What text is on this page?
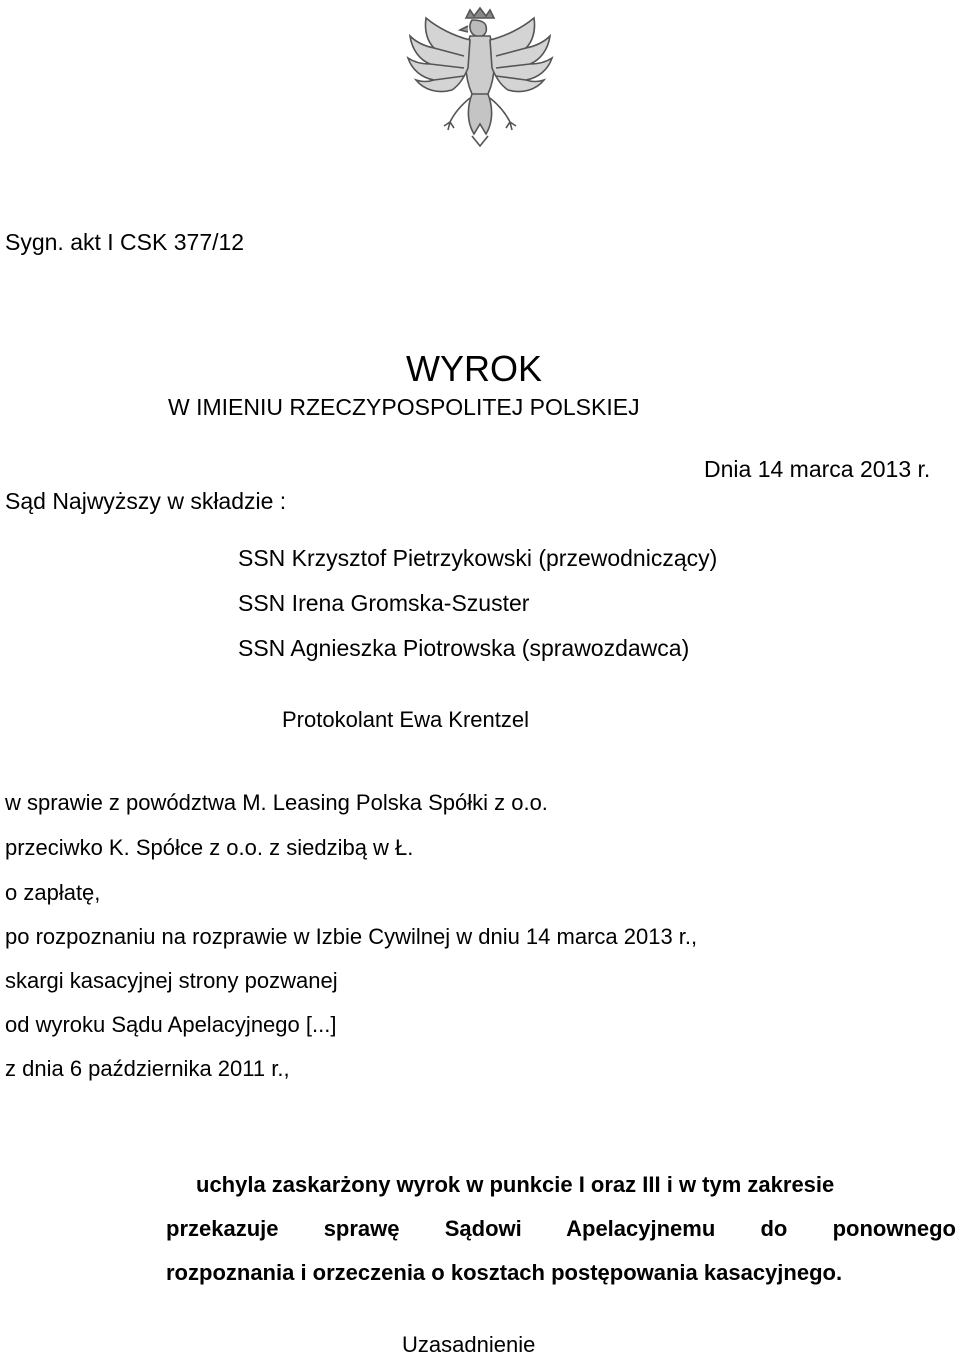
Sygn. akt I CSK 377/12
WYROK
W IMIENIU RZECZYPOSPOLITEJ POLSKIEJ
Dnia 14 marca 2013 r.
Sąd Najwyższy w składzie :
SSN Krzysztof Pietrzykowski (przewodniczący)
SSN Irena Gromska-Szuster
SSN Agnieszka Piotrowska (sprawozdawca)
Protokolant Ewa Krentzel
w sprawie z powództwa M. Leasing Polska Spółki z o.o.
przeciwko K. Spółce z o.o. z siedzibą w Ł.
o zapłatę,
po rozpoznaniu na rozprawie w Izbie Cywilnej w dniu 14 marca 2013 r.,
skargi kasacyjnej strony pozwanej
od wyroku Sądu Apelacyjnego [...]
z dnia 6 października 2011 r.,
uchyla zaskarżony wyrok w punkcie I oraz III i w tym zakresie
przekazuje sprawę Sądowi Apelacyjnemu do ponownego
rozpoznania i orzeczenia o kosztach postępowania kasacyjnego.
Uzasadnienie
